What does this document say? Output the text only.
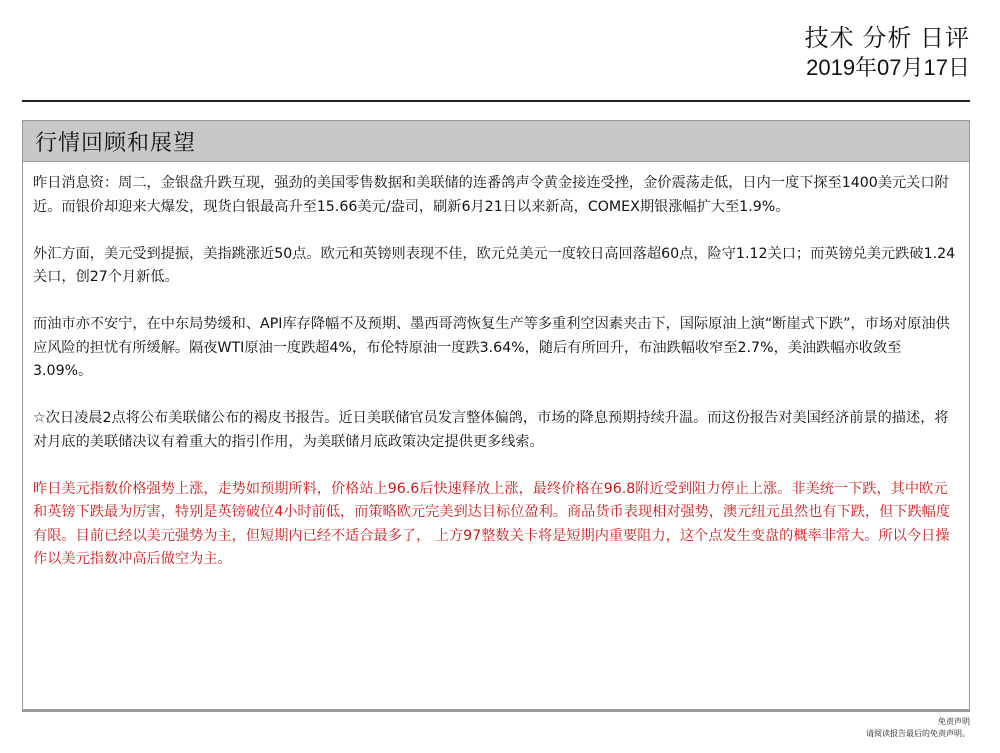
技术 分析 日评
2019年07月17日
行情回顾和展望

昨日消息资：周二，金银盘升跌互现，强劲的美国零售数据和美联储的连番鸽声令黄金接连受挫，金价震荡走低，日内一度下探至1400美元关口附近。而银价却迎来大爆发，现货白银最高升至15.66美元/盎司，刷新6月21日以来新高，COMEX期银涨幅扩大至1.9%。

外汇方面，美元受到提振，美指跳涨近50点。欧元和英镑则表现不佳，欧元兑美元一度较日高回落超60点，险守1.12关口；而英镑兑美元跌破1.24关口，创27个月新低。

而油市亦不安宁，在中东局势缓和、API库存降幅不及预期、墨西哥湾恢复生产等多重利空因素夹击下，国际原油上演“断崖式下跌”，市场对原油供应风险的担忧有所缓解。隔夜WTI原油一度跌超4%，布伦特原油一度跌3.64%，随后有所回升，布油跌幅收窄至2.7%，美油跌幅亦收敛至3.09%。

☆次日凌晨2点将公布美联储公布的褐皮书报告。近日美联储官员发言整体偏鸽，市场的降息预期持续升温。而这份报告对美国经济前景的描述，将对月底的美联储决议有着重大的指引作用，为美联储月底政策决定提供更多线索。

昨日美元指数价格强势上涨，走势如预期所料，价格站上96.6后快速释放上涨，最终价格在96.8附近受到阻力停止上涨。非美统一下跌，其中欧元和英镑下跌最为厉害，特别是英镑破位4小时前低，而策略欧元完美到达目标位盈利。商品货币表现相对强势，澳元纽元虽然也有下跌，但下跌幅度有限。目前已经以美元强势为主，但短期内已经不适合最多了， 上方97整数关卡将是短期内重要阻力，这个点发生变盘的概率非常大。所以今日操作以美元指数冲高后做空为主。

免责声明
请阅读报告最后的免责声明。
